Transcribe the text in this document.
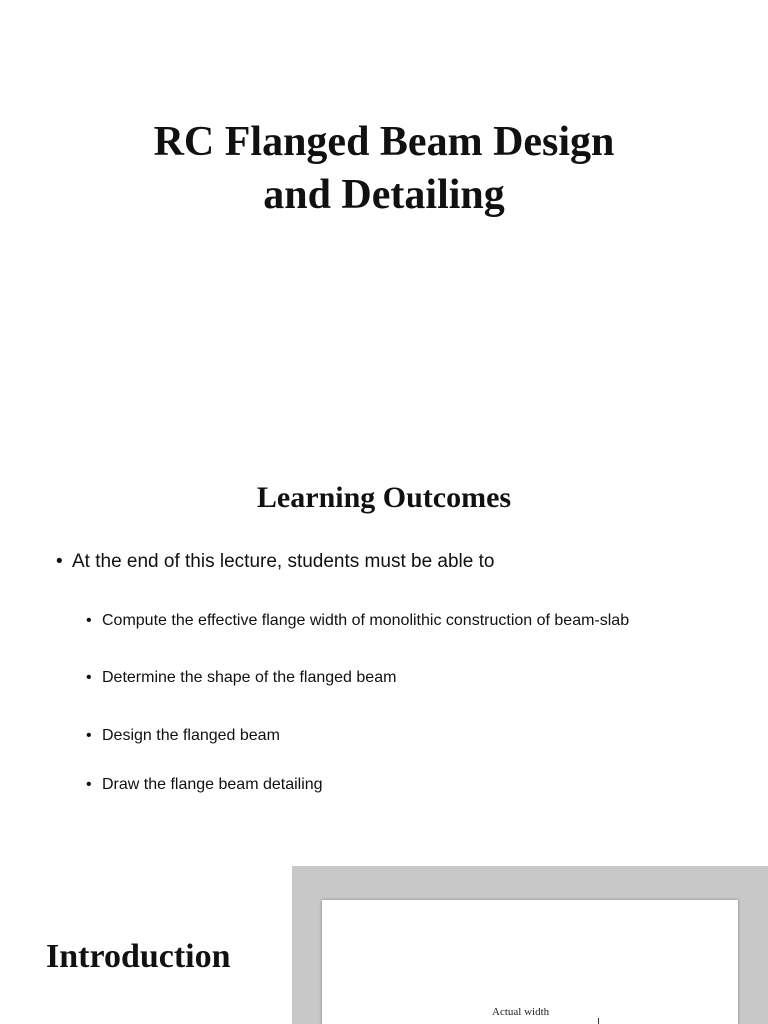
RC Flanged Beam Design
and Detailing
Learning Outcomes
• At the end of this lecture, students must be able to
• Compute the effective flange width of monolithic construction of beam-slab
• Determine the shape of the flanged beam
• Design the flanged beam
• Draw the flange beam detailing
Introduction
Actual width
